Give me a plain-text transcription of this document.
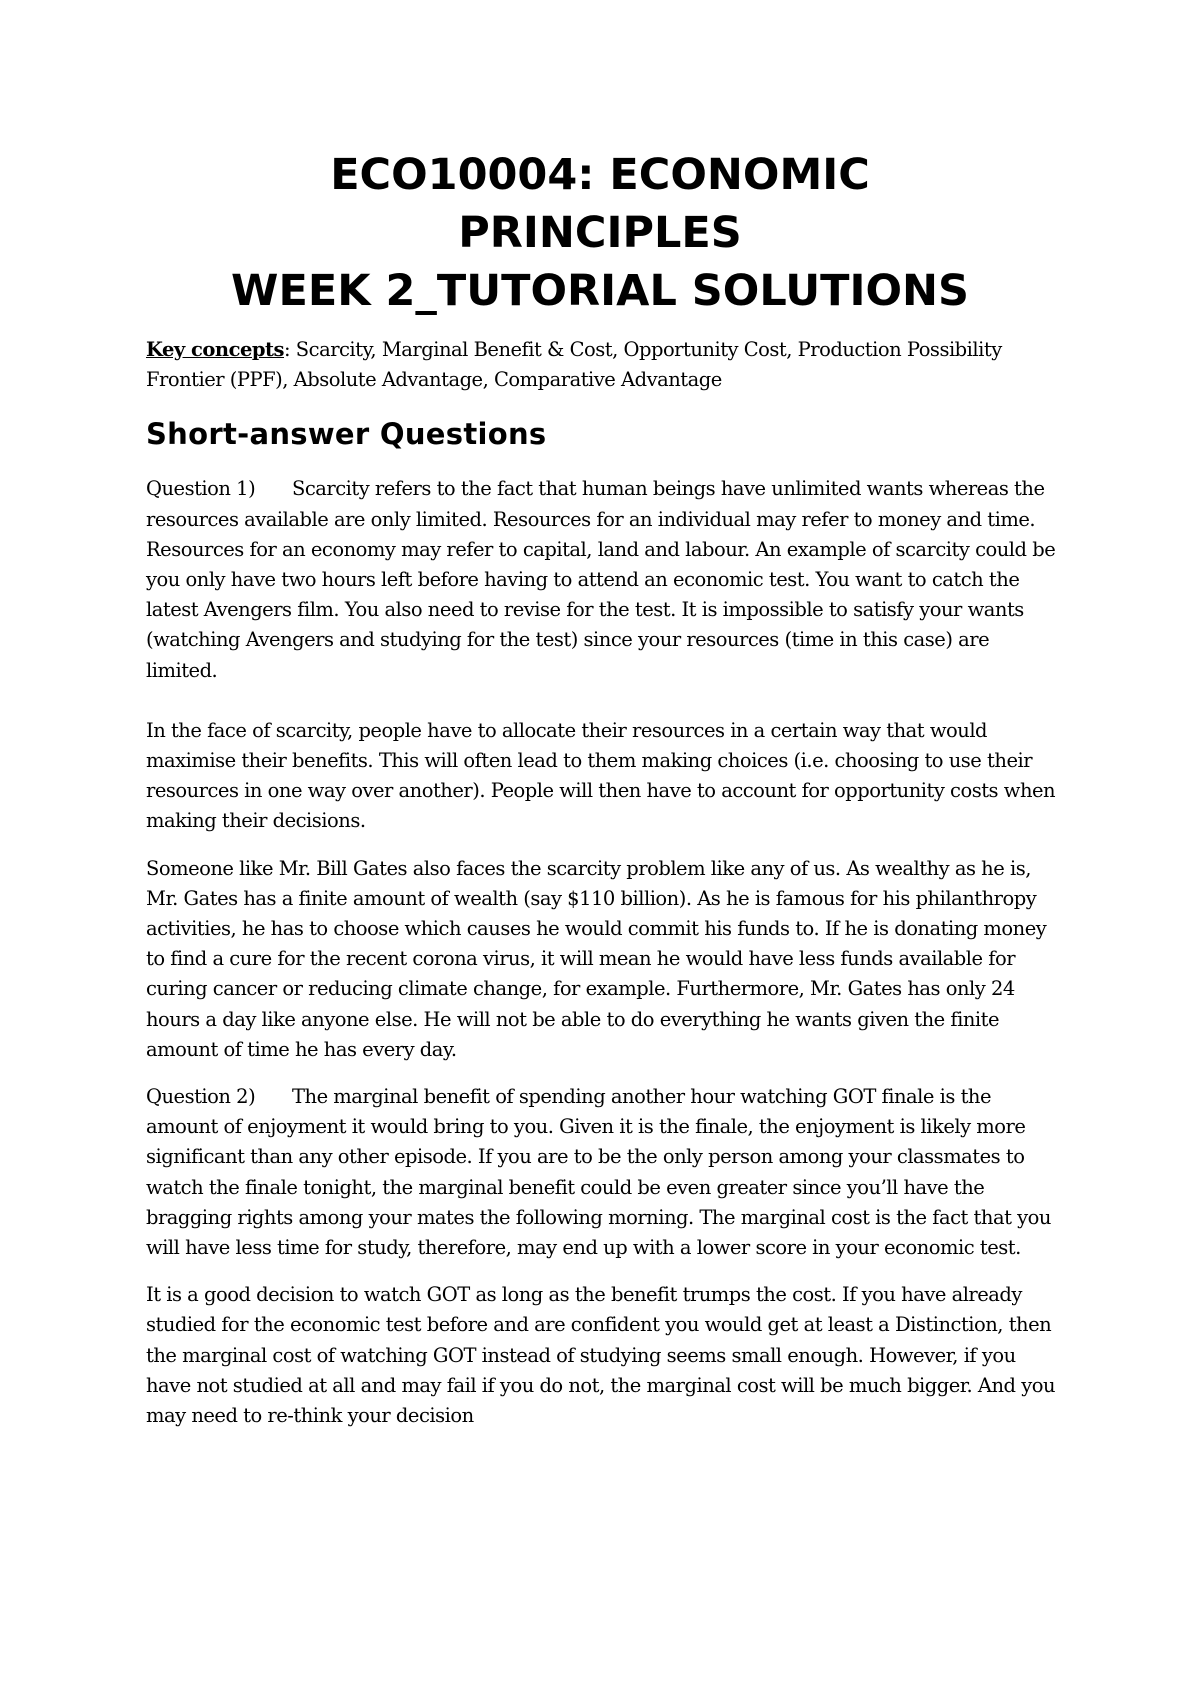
ECO10004: ECONOMIC
PRINCIPLES
WEEK 2_TUTORIAL SOLUTIONS

Key concepts: Scarcity, Marginal Benefit & Cost, Opportunity Cost, Production Possibility Frontier (PPF), Absolute Advantage, Comparative Advantage

Short-answer Questions

Question 1) Scarcity refers to the fact that human beings have unlimited wants whereas the resources available are only limited. Resources for an individual may refer to money and time. Resources for an economy may refer to capital, land and labour. An example of scarcity could be you only have two hours left before having to attend an economic test. You want to catch the latest Avengers film. You also need to revise for the test. It is impossible to satisfy your wants (watching Avengers and studying for the test) since your resources (time in this case) are limited.

In the face of scarcity, people have to allocate their resources in a certain way that would maximise their benefits. This will often lead to them making choices (i.e. choosing to use their resources in one way over another). People will then have to account for opportunity costs when making their decisions.

Someone like Mr. Bill Gates also faces the scarcity problem like any of us. As wealthy as he is, Mr. Gates has a finite amount of wealth (say $110 billion). As he is famous for his philanthropy activities, he has to choose which causes he would commit his funds to. If he is donating money to find a cure for the recent corona virus, it will mean he would have less funds available for curing cancer or reducing climate change, for example. Furthermore, Mr. Gates has only 24 hours a day like anyone else. He will not be able to do everything he wants given the finite amount of time he has every day.

Question 2) The marginal benefit of spending another hour watching GOT finale is the amount of enjoyment it would bring to you. Given it is the finale, the enjoyment is likely more significant than any other episode. If you are to be the only person among your classmates to watch the finale tonight, the marginal benefit could be even greater since you’ll have the bragging rights among your mates the following morning. The marginal cost is the fact that you will have less time for study, therefore, may end up with a lower score in your economic test.

It is a good decision to watch GOT as long as the benefit trumps the cost. If you have already studied for the economic test before and are confident you would get at least a Distinction, then the marginal cost of watching GOT instead of studying seems small enough. However, if you have not studied at all and may fail if you do not, the marginal cost will be much bigger. And you may need to re-think your decision
